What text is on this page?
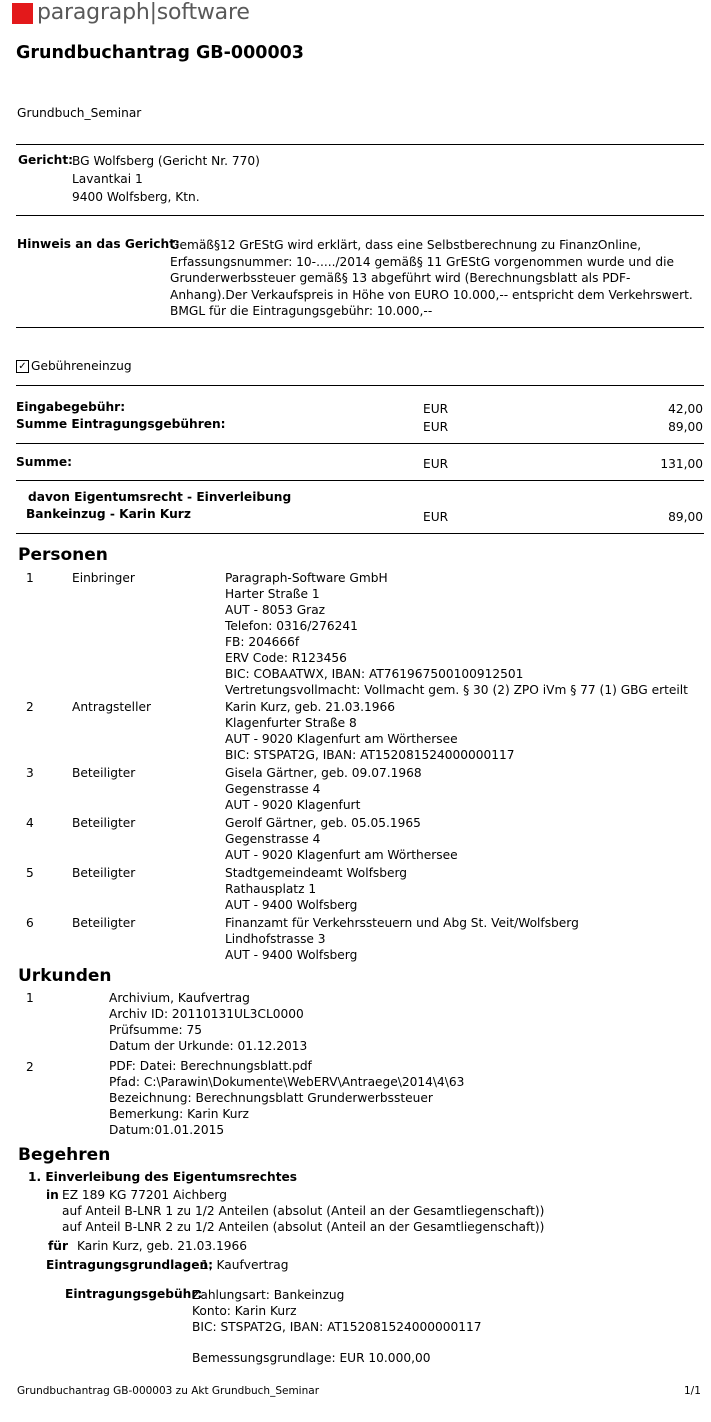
paragraph|software
Grundbuchantrag GB-000003
Grundbuch_Seminar
Gericht:
BG Wolfsberg (Gericht Nr. 770)
Lavantkai 1
9400 Wolfsberg, Ktn.
Hinweis an das Gericht:
Gemäß§12 GrEStG wird erklärt, dass eine Selbstberechnung zu FinanzOnline,
Erfassungsnummer: 10-...../2014 gemäß§ 11 GrEStG vorgenommen wurde und die
Grunderwerbssteuer gemäß§ 13 abgeführt wird (Berechnungsblatt als PDF-
Anhang).Der Verkaufspreis in Höhe von EURO 10.000,-- entspricht dem Verkehrswert.
BMGL für die Eintragungsgebühr: 10.000,--
✓ Gebühreneinzug
Eingabegebühr:	EUR	42,00
Summe Eintragungsgebühren:	EUR	89,00
Summe:	EUR	131,00
davon Eigentumsrecht - Einverleibung
Bankeinzug - Karin Kurz	EUR	89,00
Personen
1	Einbringer	Paragraph-Software GmbH
Harter Straße 1
AUT - 8053 Graz
Telefon: 0316/276241
FB: 204666f
ERV Code: R123456
BIC: COBAATWX, IBAN: AT761967500100912501
Vertretungsvollmacht: Vollmacht gem. § 30 (2) ZPO iVm § 77 (1) GBG erteilt
2	Antragsteller	Karin Kurz, geb. 21.03.1966
Klagenfurter Straße 8
AUT - 9020 Klagenfurt am Wörthersee
BIC: STSPAT2G, IBAN: AT152081524000000117
3	Beteiligter	Gisela Gärtner, geb. 09.07.1968
Gegenstrasse 4
AUT - 9020 Klagenfurt
4	Beteiligter	Gerolf Gärtner, geb. 05.05.1965
Gegenstrasse 4
AUT - 9020 Klagenfurt am Wörthersee
5	Beteiligter	Stadtgemeindeamt Wolfsberg
Rathausplatz 1
AUT - 9400 Wolfsberg
6	Beteiligter	Finanzamt für Verkehrssteuern und Abg St. Veit/Wolfsberg
Lindhofstrasse 3
AUT - 9400 Wolfsberg
Urkunden
1	Archivium, Kaufvertrag
Archiv ID: 20110131UL3CL0000
Prüfsumme: 75
Datum der Urkunde: 01.12.2013
2	PDF: Datei: Berechnungsblatt.pdf
Pfad: C:\Parawin\Dokumente\WebERV\Antraege\2014\4\63
Bezeichnung: Berechnungsblatt Grunderwerbssteuer
Bemerkung: Karin Kurz
Datum:01.01.2015
Begehren
1. Einverleibung des Eigentumsrechtes
in EZ 189 KG 77201 Aichberg
auf Anteil B-LNR 1 zu 1/2 Anteilen (absolut (Anteil an der Gesamtliegenschaft))
auf Anteil B-LNR 2 zu 1/2 Anteilen (absolut (Anteil an der Gesamtliegenschaft))
für Karin Kurz, geb. 21.03.1966
Eintragungsgrundlagen:
1, Kaufvertrag
Eintragungsgebühr:
Zahlungsart: Bankeinzug
Konto: Karin Kurz
BIC: STSPAT2G, IBAN: AT152081524000000117
Bemessungsgrundlage: EUR 10.000,00
Grundbuchantrag GB-000003 zu Akt Grundbuch_Seminar	1/1
